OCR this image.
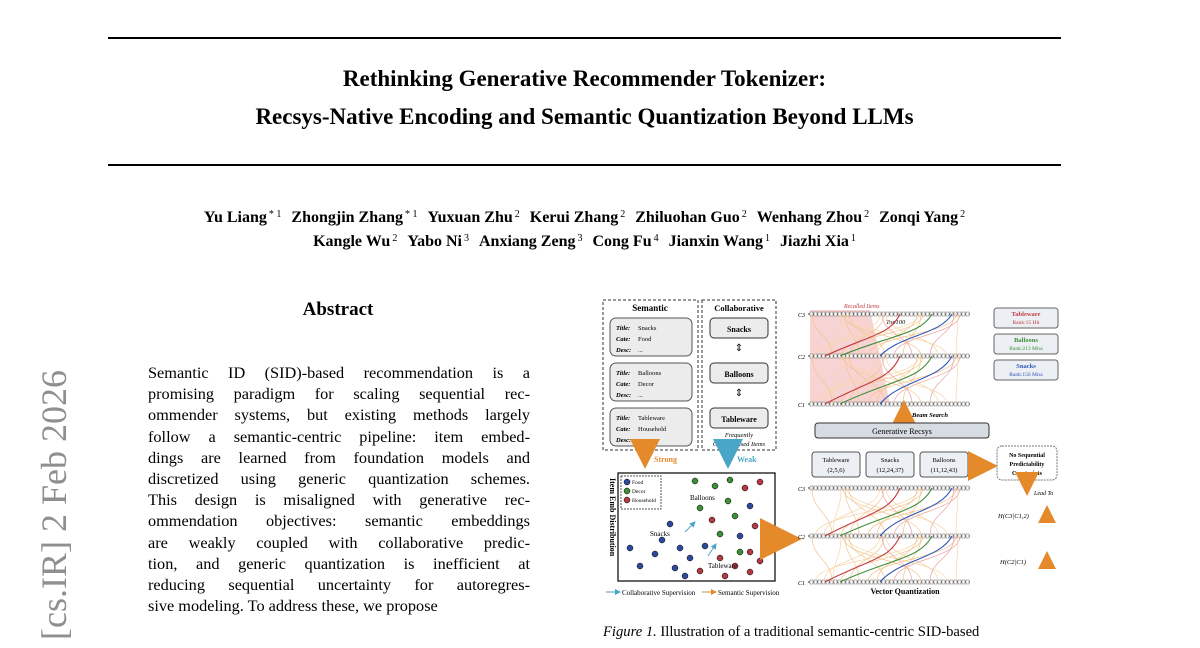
Rethinking Generative Recommender Tokenizer:
Recsys-Native Encoding and Semantic Quantization Beyond LLMs
Yu Liang $^{* 1}$ Zhongjin Zhang $^{* 1}$ Yuxuan Zhu $^2$ Kerui Zhang $^2$ Zhiluohan Guo $^2$ Wenhang Zhou $^2$ Zonqi Yang $^2$
Kangle Wu $^2$ Yabo Ni $^3$ Anxiang Zeng $^3$ Cong Fu $^4$ Jianxin Wang $^1$ Jiazhi Xia $^1$
[cs.IR] 2 Feb 2026
Abstract
Semantic ID (SID)-based recommendation is a
promising paradigm for scaling sequential rec-
ommender systems, but existing methods largely
follow a semantic-centric pipeline: item embed-
dings are learned from foundation models and
discretized using generic quantization schemes.
This design is misaligned with generative rec-
ommendation objectives: semantic embeddings
are weakly coupled with collaborative predic-
tion, and generic quantization is inefficient at
reducing sequential uncertainty for autoregres-
sive modeling. To address these, we propose
Semantic
Title: Snacks
Cate: Food
Desc: ...
Title: Balloons
Cate: Decor
Desc: ...
Title: Tableware
Cate: Household
Desc: ...
Collaborative
Snacks
Balloons
Tableware
⇕
⇕
Frequently
Co-purchased Items
Strong	Weak
Item Emb Distribution	Food
Decor
Household	Balloons
Snacks
Tableware
Collaborative Supervision	Semantic Supervision
C3
C2
C1
Recalled Items
Top100
Tableware
Rank:15 Hit
Balloons
Rank:213 Miss
Snacks
Rank:156 Miss
Beam Search
Generative Recsys
Tableware
(2,5,6)
Snacks
(12,24,37)
Balloons
(11,12,43)
No Sequential
Predictability
Constraints
Lead To
C3
C2
C1
H(C3|C1,2)
H(C2|C1)
Vector Quantization
Figure 1. Illustration of a traditional semantic-centric SID-based
